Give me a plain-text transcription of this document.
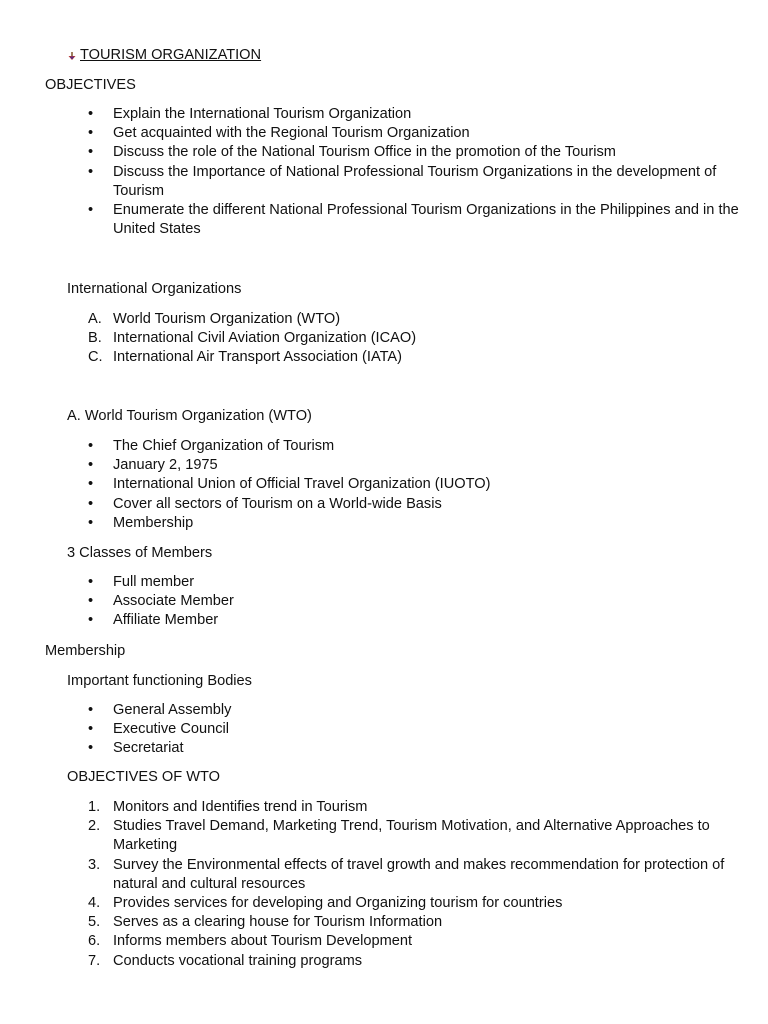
TOURISM ORGANIZATION
OBJECTIVES
• Explain the International Tourism Organization
• Get acquainted with the Regional Tourism Organization
• Discuss the role of the National Tourism Office in the promotion of the Tourism
• Discuss the Importance of National Professional Tourism Organizations in the development of Tourism
• Enumerate the different National Professional Tourism Organizations in the Philippines and in the United States
International Organizations
A. World Tourism Organization (WTO)
B. International Civil Aviation Organization (ICAO)
C. International Air Transport Association (IATA)
A. World Tourism Organization (WTO)
• The Chief Organization of Tourism
• January 2, 1975
• International Union of Official Travel Organization (IUOTO)
• Cover all sectors of Tourism on a World-wide Basis
• Membership
3 Classes of Members
• Full member
• Associate Member
• Affiliate Member
Membership
Important functioning Bodies
• General Assembly
• Executive Council
• Secretariat
OBJECTIVES OF WTO
1. Monitors and Identifies trend in Tourism
2. Studies Travel Demand, Marketing Trend, Tourism Motivation, and Alternative Approaches to Marketing
3. Survey the Environmental effects of travel growth and makes recommendation for protection of natural and cultural resources
4. Provides services for developing and Organizing tourism for countries
5. Serves as a clearing house for Tourism Information
6. Informs members about Tourism Development
7. Conducts vocational training programs
